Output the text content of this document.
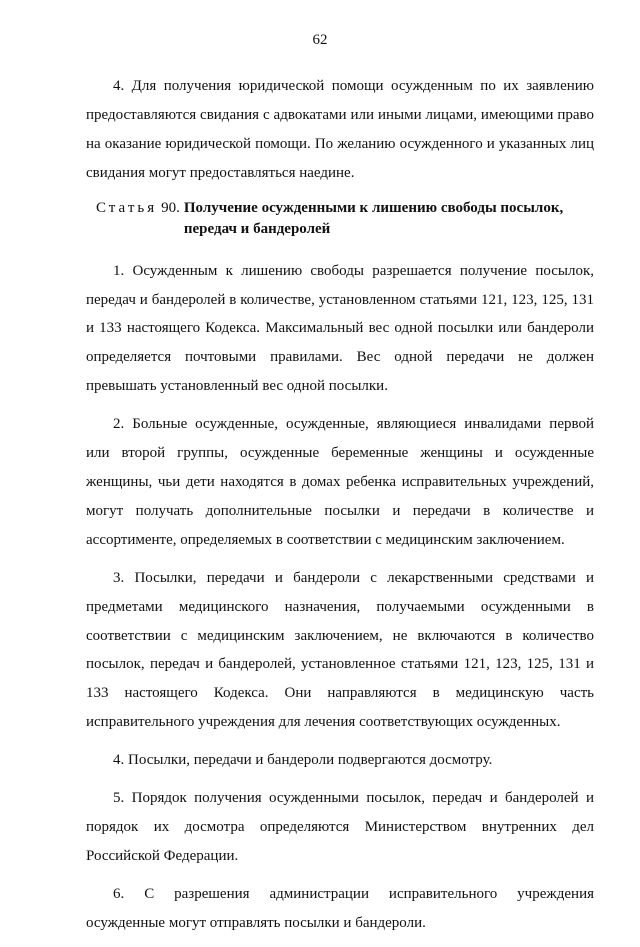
62

4. Для получения юридической помощи осужденным по их заявлению предоставляются свидания с адвокатами или иными лицами, имеющими право на оказание юридической помощи. По желанию осужденного и указанных лиц свидания могут предоставляться наедине.

Статья 90. Получение осужденными к лишению свободы посылок, передач и бандеролей

1. Осужденным к лишению свободы разрешается получение посылок, передач и бандеролей в количестве, установленном статьями 121, 123, 125, 131 и 133 настоящего Кодекса. Максимальный вес одной посылки или бандероли определяется почтовыми правилами. Вес одной передачи не должен превышать установленный вес одной посылки.

2. Больные осужденные, осужденные, являющиеся инвалидами первой или второй группы, осужденные беременные женщины и осужденные женщины, чьи дети находятся в домах ребенка исправительных учреждений, могут получать дополнительные посылки и передачи в количестве и ассортименте, определяемых в соответствии с медицинским заключением.

3. Посылки, передачи и бандероли с лекарственными средствами и предметами медицинского назначения, получаемыми осужденными в соответствии с медицинским заключением, не включаются в количество посылок, передач и бандеролей, установленное статьями 121, 123, 125, 131 и 133 настоящего Кодекса. Они направляются в медицинскую часть исправительного учреждения для лечения соответствующих осужденных.

4. Посылки, передачи и бандероли подвергаются досмотру.

5. Порядок получения осужденными посылок, передач и бандеролей и порядок их досмотра определяются Министерством внутренних дел Российской Федерации.

6. С разрешения администрации исправительного учреждения осужденные могут отправлять посылки и бандероли.
